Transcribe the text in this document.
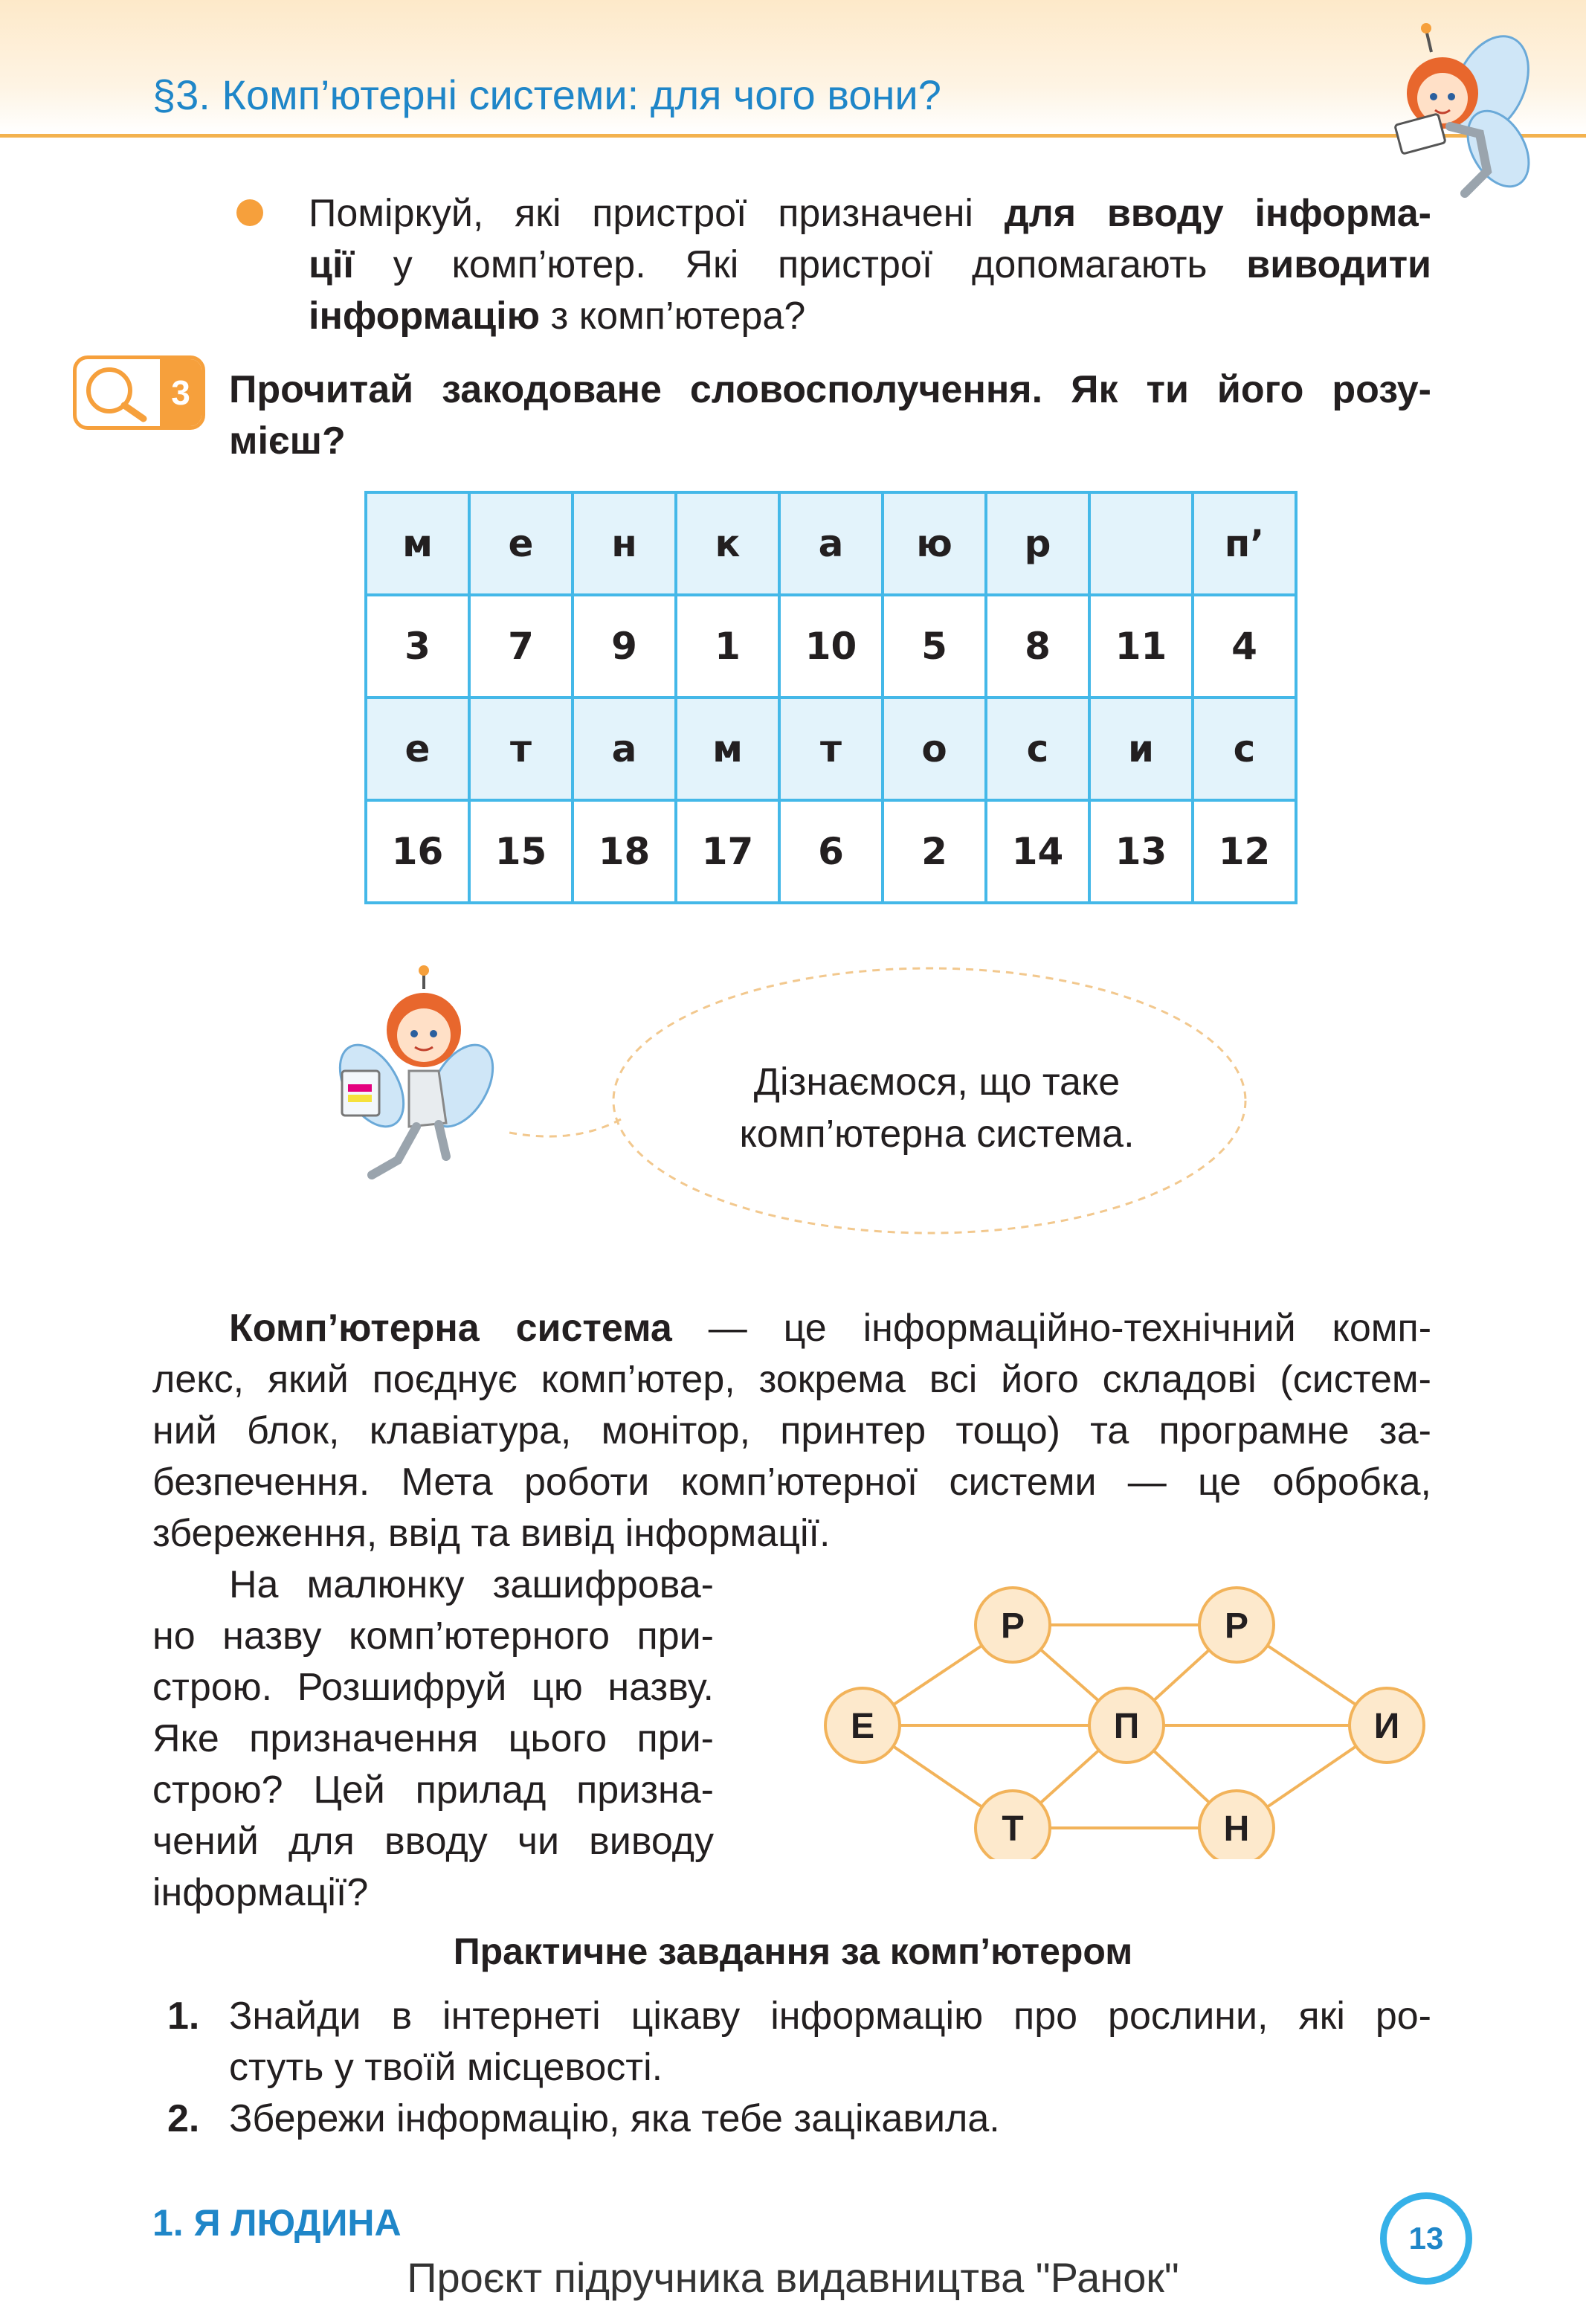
§3. Комп’ютерні системи: для чого вони?
Поміркуй, які пристрої призначені для вводу інформа-
ції у комп’ютер. Які пристрої допомагають виводити
інформацію з комп’ютера?
3 Прочитай закодоване словосполучення. Як ти його розу-
мієш?
м	е	н	к	а	ю	р		п’
3	7	9	1	10	5	8	11	4
е	т	а	м	т	о	с	и	с
16	15	18	17	6	2	14	13	12
Дізнаємося, що таке
комп’ютерна система.
Комп’ютерна система — це інформаційно-технічний комп-
лекс, який поєднує комп’ютер, зокрема всі його складові (систем-
ний блок, клавіатура, монітор, принтер тощо) та програмне за-
безпечення. Мета роботи комп’ютерної системи — це обробка,
збереження, ввід та вивід інформації.
На малюнку зашифрова-
но назву комп’ютерного при-
строю. Розшифруй цю назву.
Яке призначення цього при-
строю? Цей прилад призна-
чений для вводу чи виводу
інформації?
Р	Р
Е	П	И
Т	Н
Практичне завдання за комп’ютером
1. Знайди в інтернеті цікаву інформацію про рослини, які ро-
стуть у твоїй місцевості.
2. Збережи інформацію, яка тебе зацікавила.
1. Я ЛЮДИНА	13
Проєкт підручника видавництва "Ранок"
